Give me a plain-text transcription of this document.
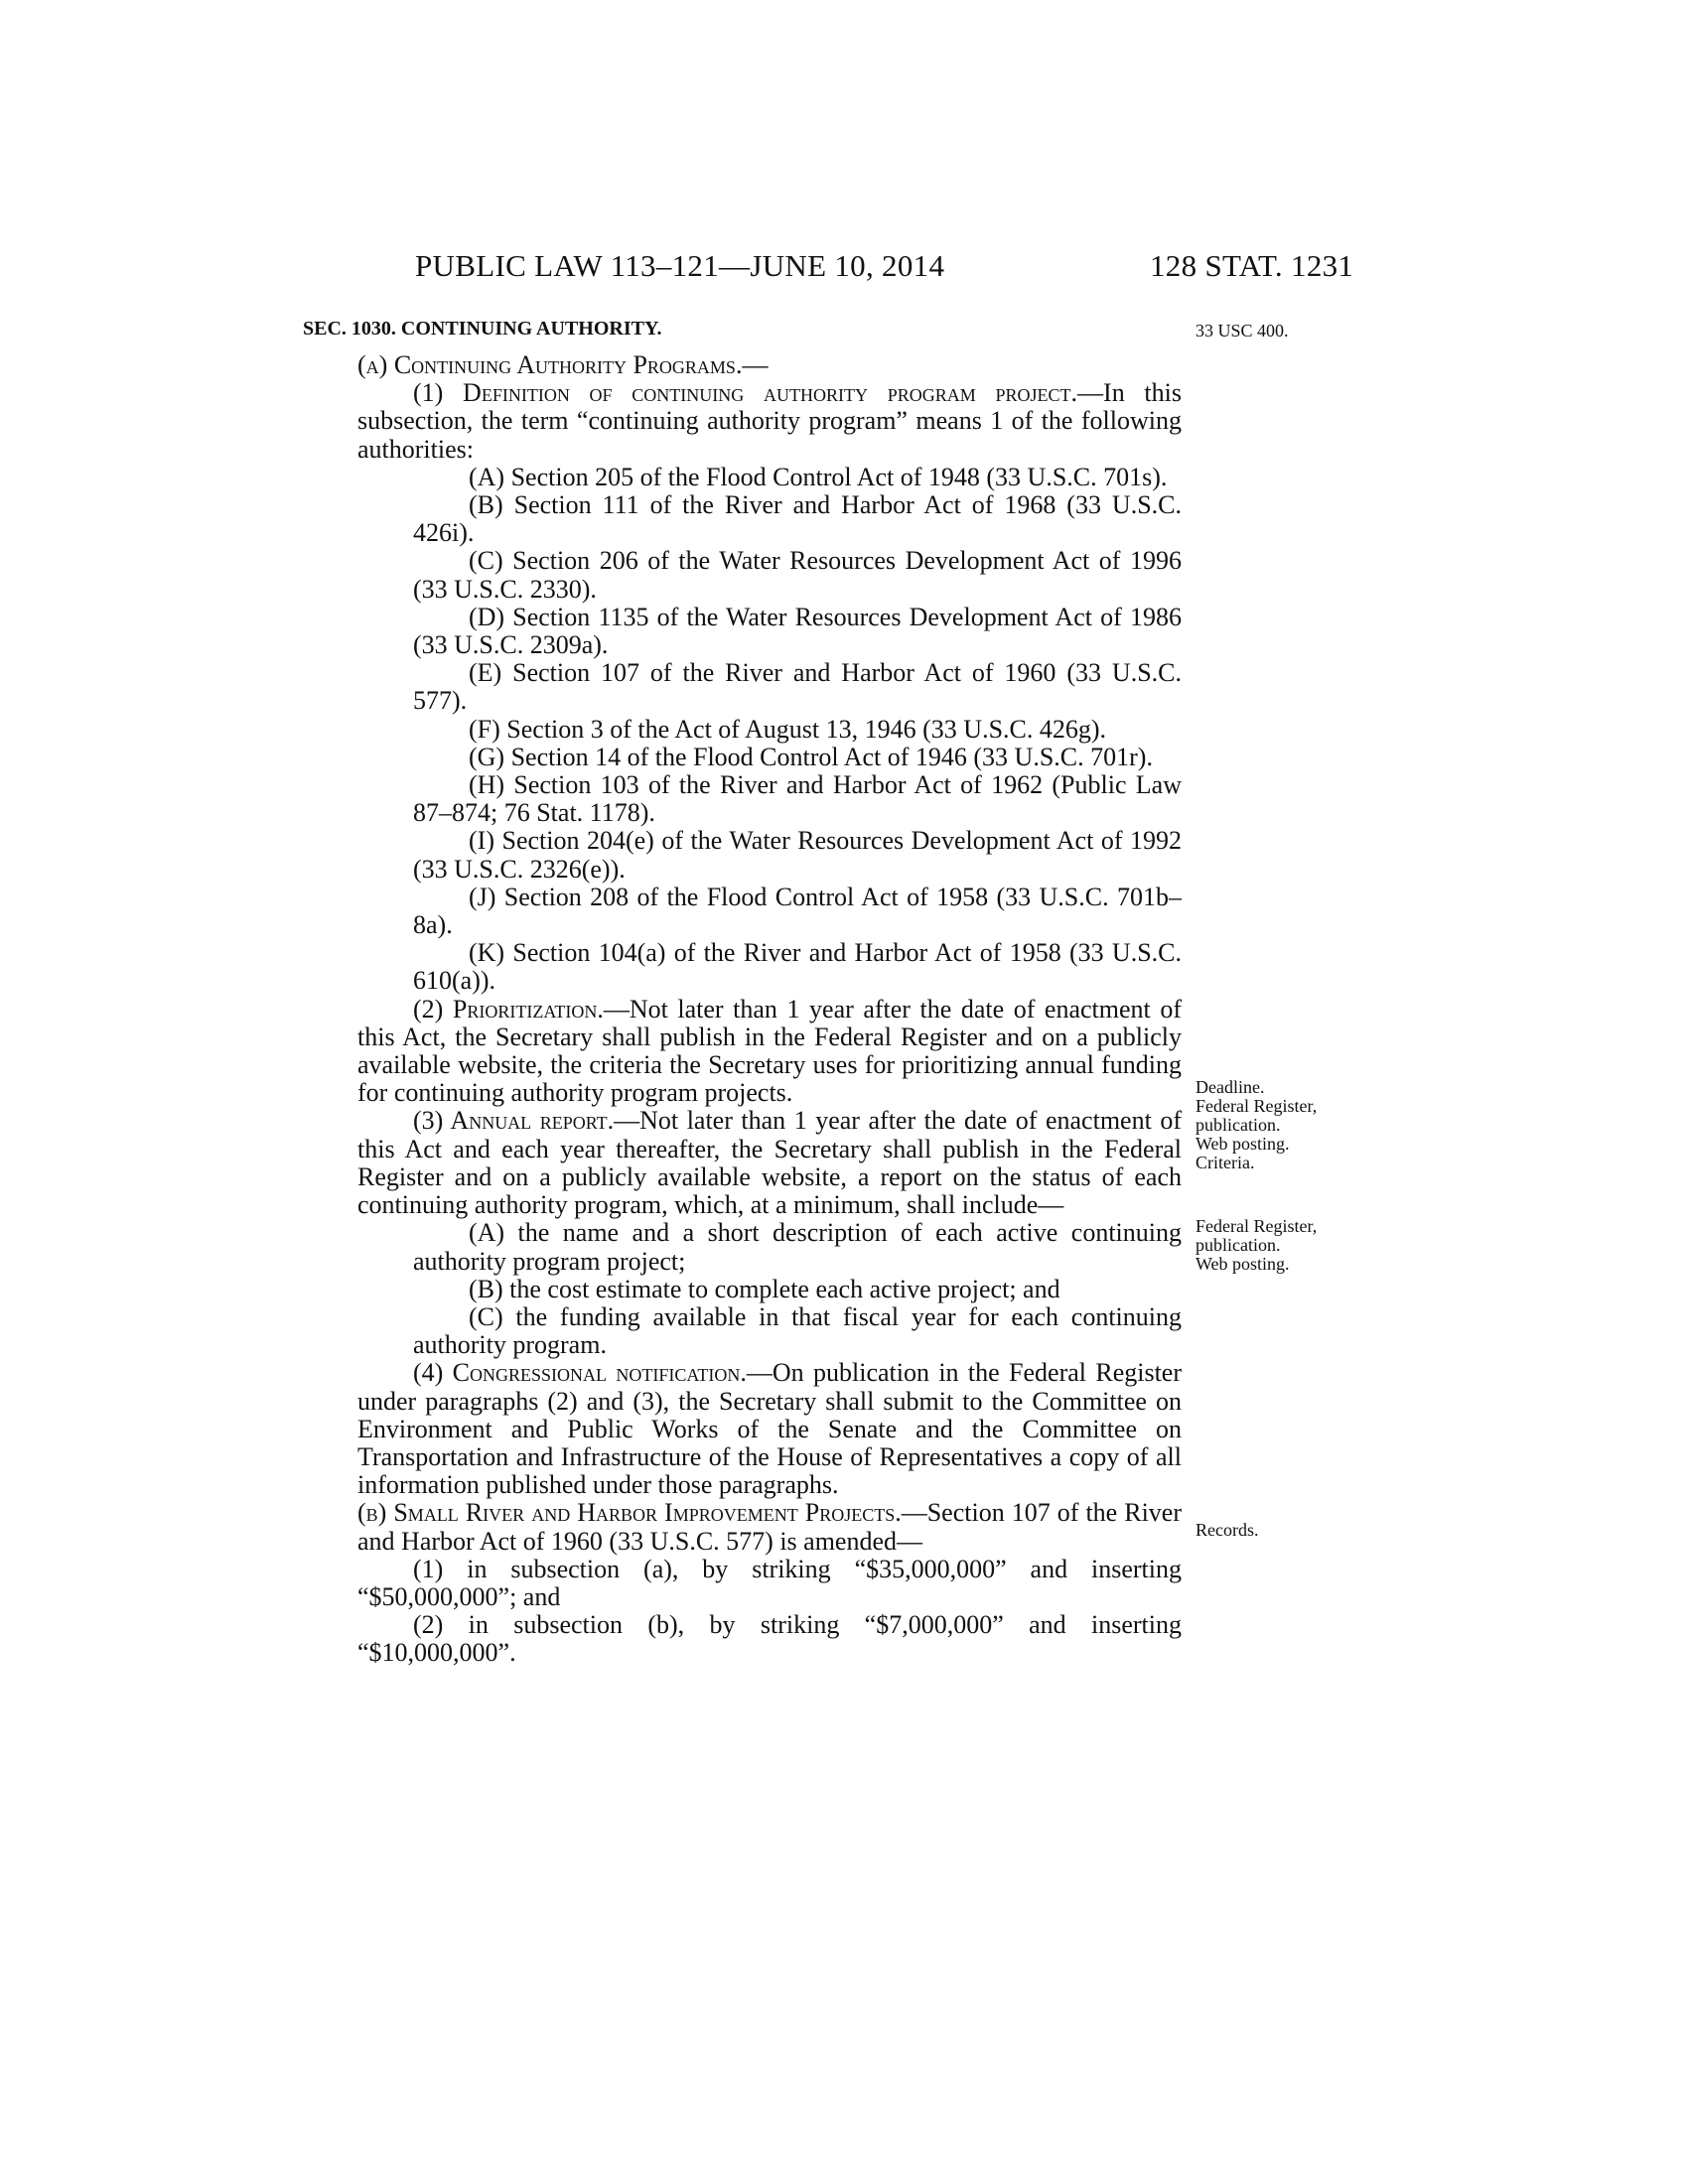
PUBLIC LAW 113–121—JUNE 10, 2014	128 STAT. 1231
SEC. 1030. CONTINUING AUTHORITY.	33 USC 400.
Deadline.
Federal Register,
publication.
Web posting.
Criteria.
Federal Register,
publication.
Web posting.
Records.

(a) Continuing Authority Programs.—

(1) Definition of continuing authority program project.—In this subsection, the term “continuing authority program” means 1 of the following authorities:

(A) Section 205 of the Flood Control Act of 1948 (33 U.S.C. 701s).

(B) Section 111 of the River and Harbor Act of 1968 (33 U.S.C. 426i).

(C) Section 206 of the Water Resources Development Act of 1996 (33 U.S.C. 2330).

(D) Section 1135 of the Water Resources Development Act of 1986 (33 U.S.C. 2309a).

(E) Section 107 of the River and Harbor Act of 1960 (33 U.S.C. 577).

(F) Section 3 of the Act of August 13, 1946 (33 U.S.C. 426g).

(G) Section 14 of the Flood Control Act of 1946 (33 U.S.C. 701r).

(H) Section 103 of the River and Harbor Act of 1962 (Public Law 87–874; 76 Stat. 1178).

(I) Section 204(e) of the Water Resources Development Act of 1992 (33 U.S.C. 2326(e)).

(J) Section 208 of the Flood Control Act of 1958 (33 U.S.C. 701b–8a).

(K) Section 104(a) of the River and Harbor Act of 1958 (33 U.S.C. 610(a)).

(2) Prioritization.—Not later than 1 year after the date of enactment of this Act, the Secretary shall publish in the Federal Register and on a publicly available website, the criteria the Secretary uses for prioritizing annual funding for continuing authority program projects.

(3) Annual report.—Not later than 1 year after the date of enactment of this Act and each year thereafter, the Secretary shall publish in the Federal Register and on a publicly available website, a report on the status of each continuing authority program, which, at a minimum, shall include—

(A) the name and a short description of each active continuing authority program project;

(B) the cost estimate to complete each active project; and

(C) the funding available in that fiscal year for each continuing authority program.

(4) Congressional notification.—On publication in the Federal Register under paragraphs (2) and (3), the Secretary shall submit to the Committee on Environment and Public Works of the Senate and the Committee on Transportation and Infrastructure of the House of Representatives a copy of all information published under those paragraphs.

(b) Small River and Harbor Improvement Projects.—Section 107 of the River and Harbor Act of 1960 (33 U.S.C. 577) is amended—

(1) in subsection (a), by striking “$35,000,000” and inserting “$50,000,000”; and

(2) in subsection (b), by striking “$7,000,000” and inserting “$10,000,000”.
